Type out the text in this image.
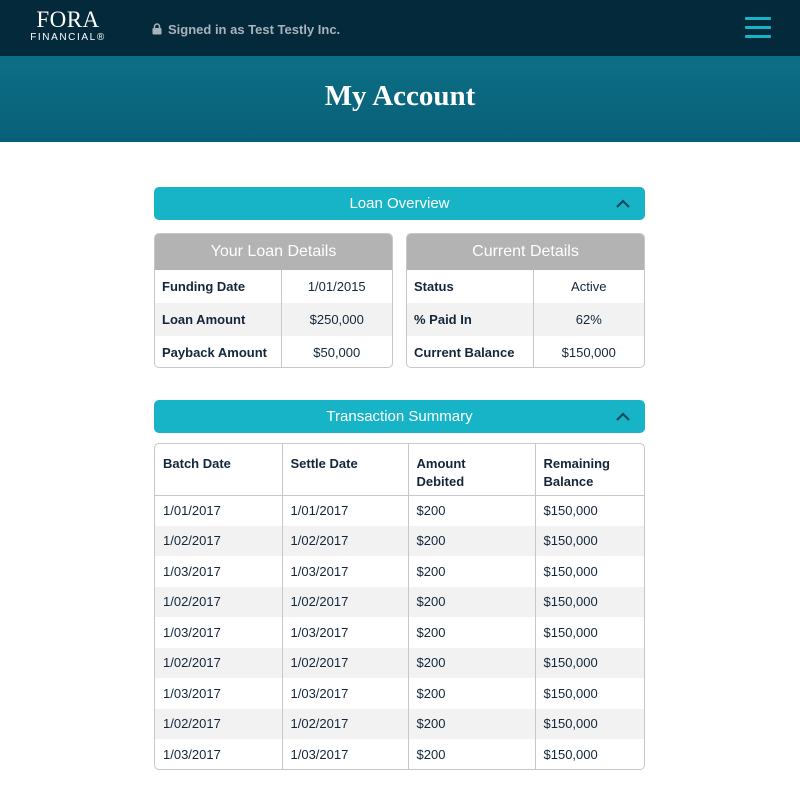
FORA
FINANCIAL®
Signed in as Test Testly Inc.
My Account
Loan Overview
Your Loan Details
Funding Date	1/01/2015
Loan Amount	$250,000
Payback Amount	$50,000
Current Details
Status	Active
% Paid In	62%
Current Balance	$150,000
Transaction Summary
Batch Date	Settle Date	Amount Debited	Remaining Balance
1/01/2017	1/01/2017	$200	$150,000
1/02/2017	1/02/2017	$200	$150,000
1/03/2017	1/03/2017	$200	$150,000
1/02/2017	1/02/2017	$200	$150,000
1/03/2017	1/03/2017	$200	$150,000
1/02/2017	1/02/2017	$200	$150,000
1/03/2017	1/03/2017	$200	$150,000
1/02/2017	1/02/2017	$200	$150,000
1/03/2017	1/03/2017	$200	$150,000
